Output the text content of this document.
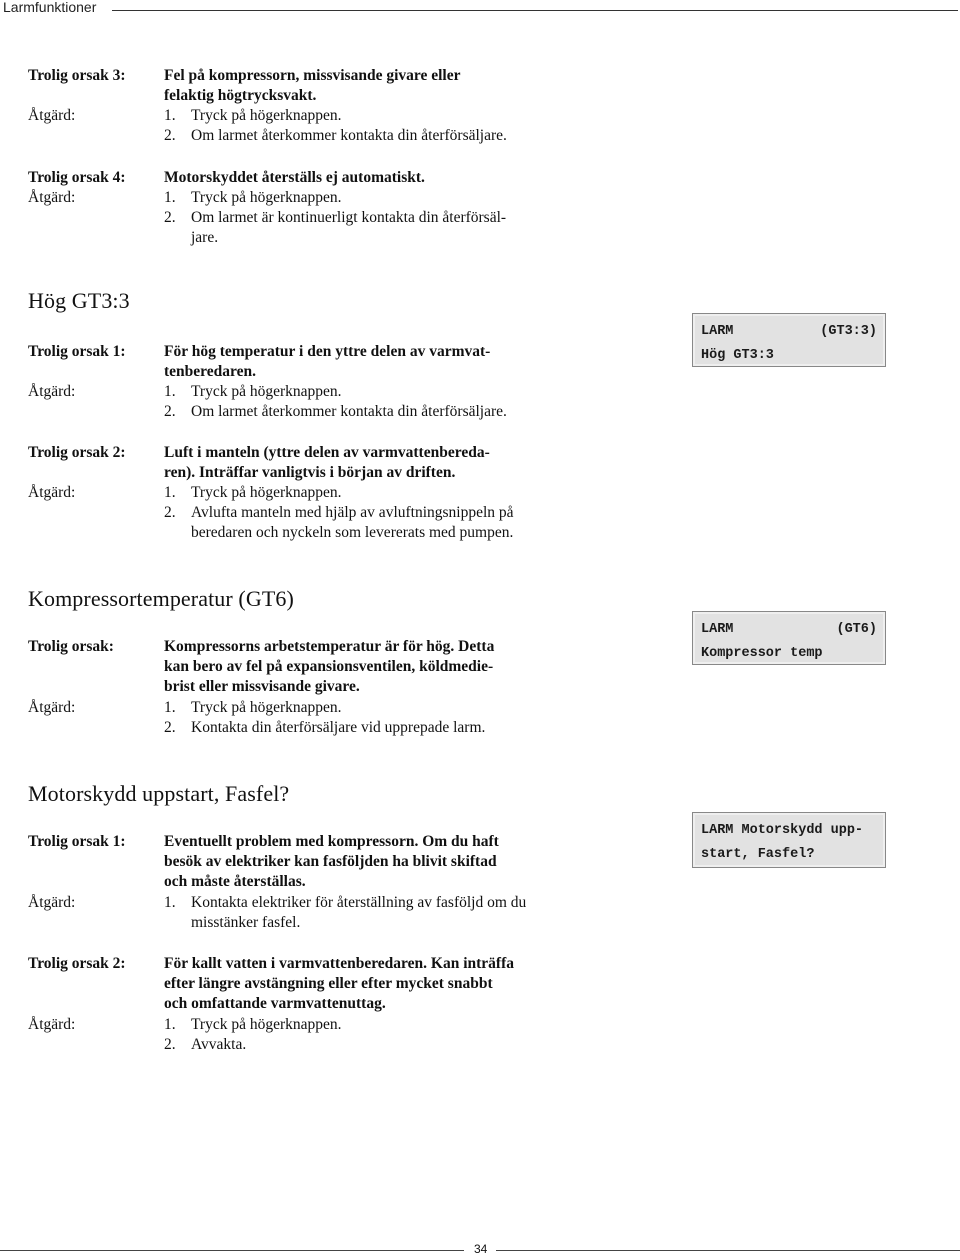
Larmfunktioner
Trolig orsak 3: Fel på kompressorn, missvisande givare eller
felaktig högtrycksvakt.
Åtgärd:	1. Tryck på högerknappen.
2. Om larmet återkommer kontakta din återförsäljare.
Trolig orsak 4: Motorskyddet återställs ej automatiskt.
Åtgärd:	1. Tryck på högerknappen.
2. Om larmet är kontinuerligt kontakta din återförsäl-
jare.
Hög GT3:3
LARM	(GT3:3)
Hög GT3:3
Trolig orsak 1: För hög temperatur i den yttre delen av varmvat-
tenberedaren.
Åtgärd:	1. Tryck på högerknappen.
2. Om larmet återkommer kontakta din återförsäljare.
Trolig orsak 2: Luft i manteln (yttre delen av varmvattenbereda-
ren). Inträffar vanligtvis i början av driften.
Åtgärd:	1. Tryck på högerknappen.
2. Avlufta manteln med hjälp av avluftningsnippeln på
beredaren och nyckeln som levererats med pumpen.
Kompressortemperatur (GT6)
LARM	(GT6)
Kompressor temp
Trolig orsak:	Kompressorns arbetstemperatur är för hög. Detta
kan bero av fel på expansionsventilen, köldmedie-
brist eller missvisande givare.
Åtgärd:	1. Tryck på högerknappen.
2. Kontakta din återförsäljare vid upprepade larm.
Motorskydd uppstart, Fasfel?
LARM Motorskydd upp-
start, Fasfel?
Trolig orsak 1: Eventuellt problem med kompressorn. Om du haft
besök av elektriker kan fasföljden ha blivit skiftad
och måste återställas.
Åtgärd:	1. Kontakta elektriker för återställning av fasföljd om du
misstänker fasfel.
Trolig orsak 2: För kallt vatten i varmvattenberedaren. Kan inträffa
efter längre avstängning eller efter mycket snabbt
och omfattande varmvattenuttag.
Åtgärd:	1. Tryck på högerknappen.
2. Avvakta.
34
